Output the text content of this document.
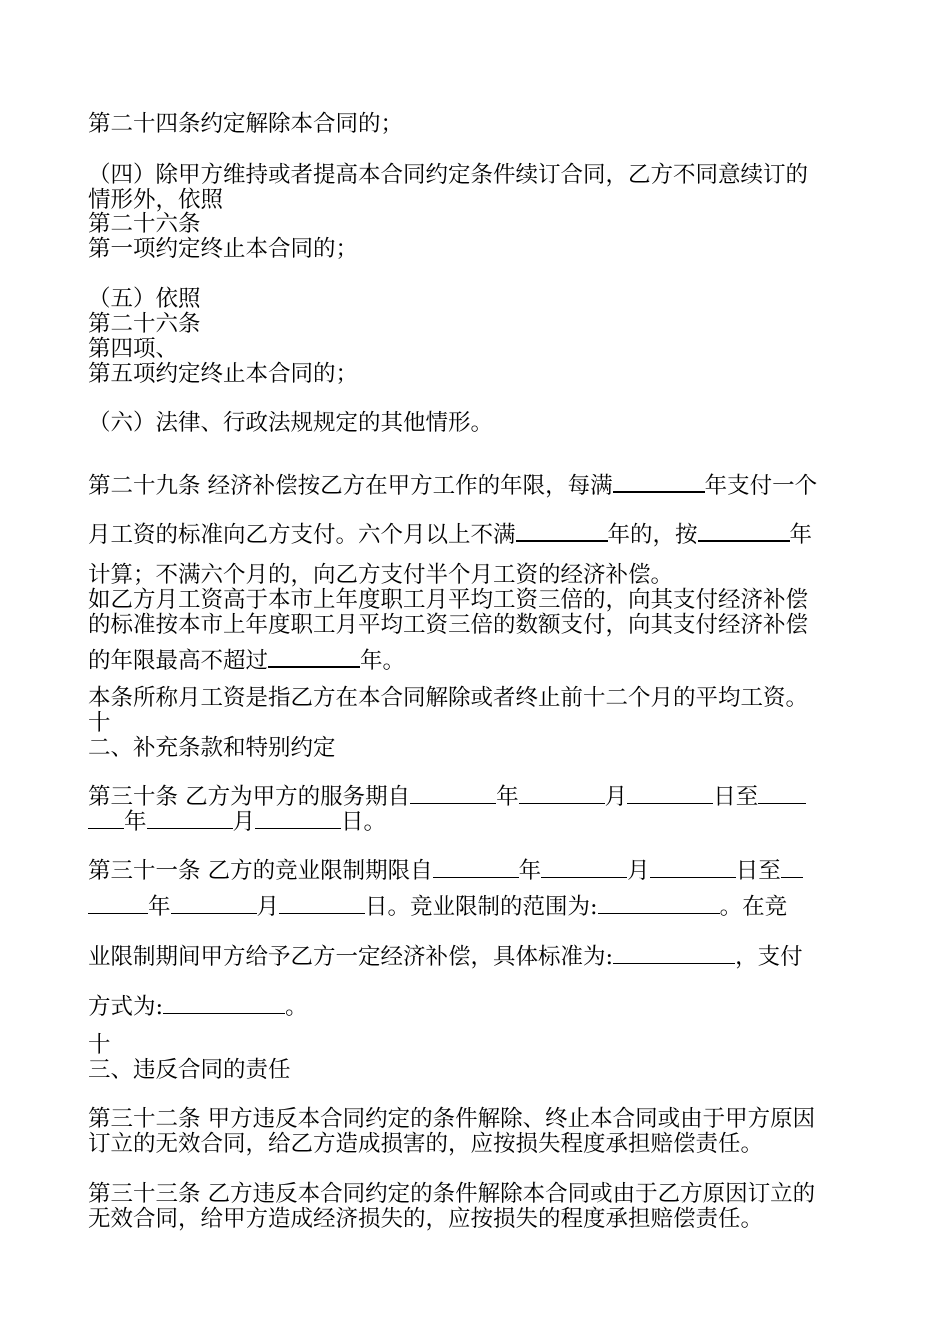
第二十四条约定解除本合同的；

（四）除甲方维持或者提高本合同约定条件续订合同，乙方不同意续订的

情形外，依照

第二十六条

第一项约定终止本合同的；

（五）依照

第二十六条

第四项、

第五项约定终止本合同的；

（六）法律、行政法规规定的其他情形。

第二十九条 经济补偿按乙方在甲方工作的年限，每满	年支付一个

月工资的标准向乙方支付。六个月以上不满	年的，按	年

计算；不满六个月的，向乙方支付半个月工资的经济补偿。

如乙方月工资高于本市上年度职工月平均工资三倍的，向其支付经济补偿

的标准按本市上年度职工月平均工资三倍的数额支付，向其支付经济补偿

的年限最高不超过	年。

本条所称月工资是指乙方在本合同解除或者终止前十二个月的平均工资。

十

二、补充条款和特别约定

第三十条 乙方为甲方的服务期自	年	月	日至

年	月	日。

第三十一条 乙方的竞业限制期限自	年	月	日至

年	月	日。竞业限制的范围为:	。在竞

业限制期间甲方给予乙方一定经济补偿，具体标准为:	，支付

方式为:	。

十

三、违反合同的责任

第三十二条 甲方违反本合同约定的条件解除、终止本合同或由于甲方原因

订立的无效合同，给乙方造成损害的，应按损失程度承担赔偿责任。

第三十三条 乙方违反本合同约定的条件解除本合同或由于乙方原因订立的

无效合同，给甲方造成经济损失的，应按损失的程度承担赔偿责任。
